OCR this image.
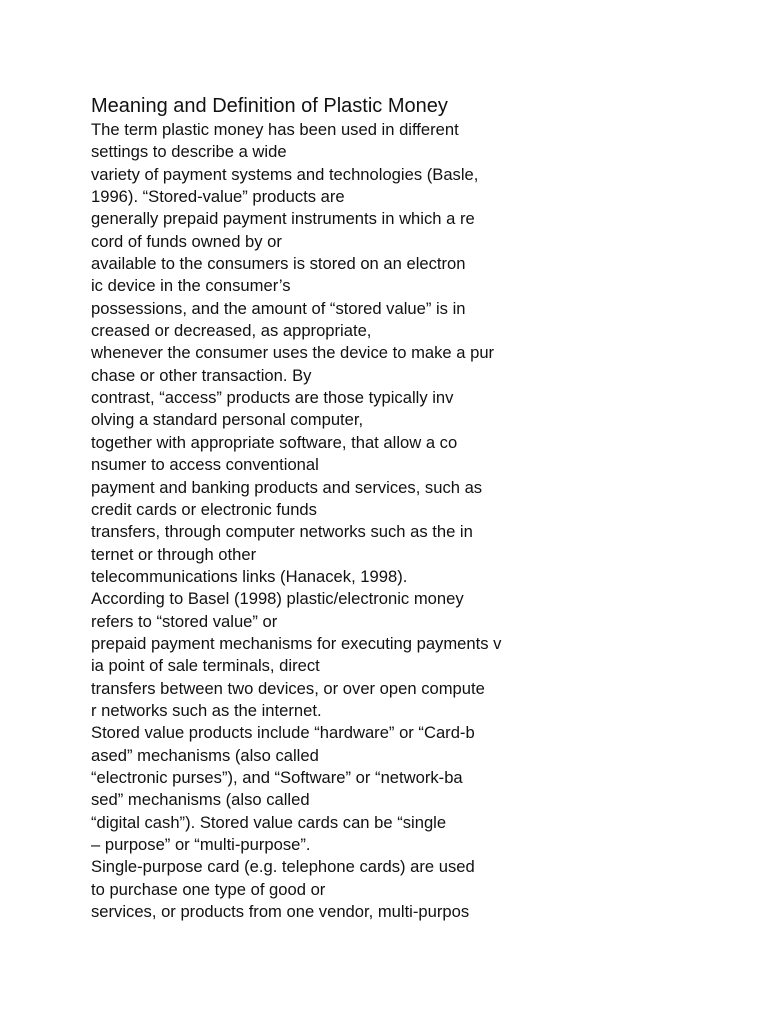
Meaning and Definition of Plastic Money
The term plastic money has been used in different
settings to describe a wide
variety of payment systems and technologies (Basle,
1996). “Stored-value” products are
generally prepaid payment instruments in which a re
cord of funds owned by or
available to the consumers is stored on an electron
ic device in the consumer’s
possessions, and the amount of “stored value” is in
creased or decreased, as appropriate,
whenever the consumer uses the device to make a pur
chase or other transaction. By
contrast, “access” products are those typically inv
olving a standard personal computer,
together with appropriate software, that allow a co
nsumer to access conventional
payment and banking products and services, such as
credit cards or electronic funds
transfers, through computer networks such as the in
ternet or through other
telecommunications links (Hanacek, 1998).
According to Basel (1998) plastic/electronic money
refers to “stored value” or
prepaid payment mechanisms for executing payments v
ia point of sale terminals, direct
transfers between two devices, or over open compute
r networks such as the internet.
Stored value products include “hardware” or “Card-b
ased” mechanisms (also called
“electronic purses”), and “Software” or “network-ba
sed” mechanisms (also called
“digital cash”). Stored value cards can be “single
– purpose” or “multi-purpose”.
Single-purpose card (e.g. telephone cards) are used
to purchase one type of good or
services, or products from one vendor, multi-purpos
